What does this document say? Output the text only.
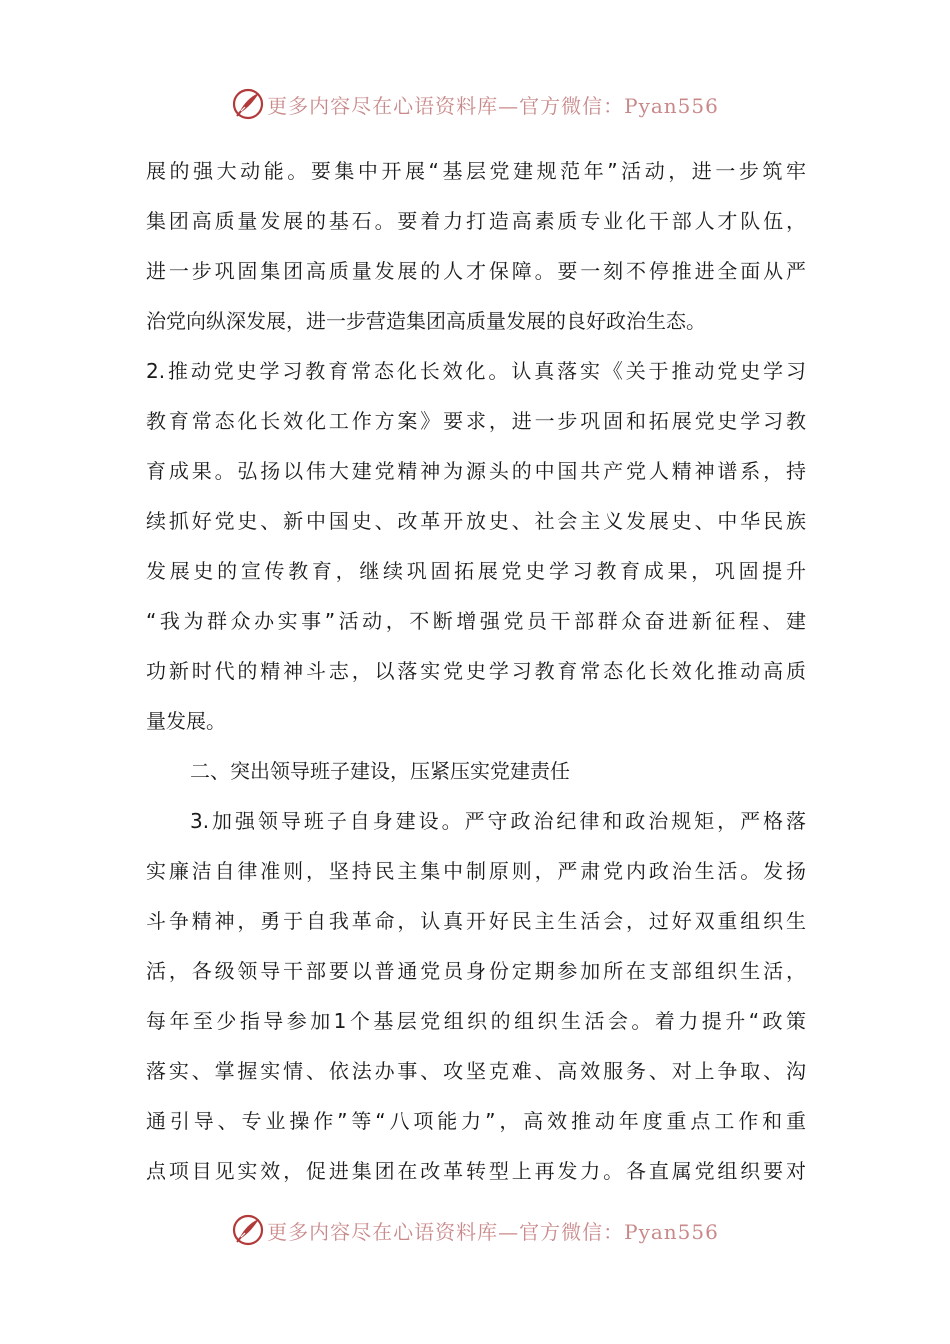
更多内容尽在心语资料库—官方微信：Pyan556
展的强大动能。要集中开展“基层党建规范年”活动，进一步筑牢
集团高质量发展的基石。要着力打造高素质专业化干部人才队伍，
进一步巩固集团高质量发展的人才保障。要一刻不停推进全面从严
治党向纵深发展，进一步营造集团高质量发展的良好政治生态。
2.推动党史学习教育常态化长效化。认真落实《关于推动党史学习
教育常态化长效化工作方案》要求，进一步巩固和拓展党史学习教
育成果。弘扬以伟大建党精神为源头的中国共产党人精神谱系，持
续抓好党史、新中国史、改革开放史、社会主义发展史、中华民族
发展史的宣传教育，继续巩固拓展党史学习教育成果，巩固提升
“我为群众办实事”活动，不断增强党员干部群众奋进新征程、建
功新时代的精神斗志，以落实党史学习教育常态化长效化推动高质
量发展。
二、突出领导班子建设，压紧压实党建责任
3.加强领导班子自身建设。严守政治纪律和政治规矩，严格落
实廉洁自律准则，坚持民主集中制原则，严肃党内政治生活。发扬
斗争精神，勇于自我革命，认真开好民主生活会，过好双重组织生
活，各级领导干部要以普通党员身份定期参加所在支部组织生活，
每年至少指导参加1个基层党组织的组织生活会。着力提升“政策
落实、掌握实情、依法办事、攻坚克难、高效服务、对上争取、沟
通引导、专业操作”等“八项能力”，高效推动年度重点工作和重
点项目见实效，促进集团在改革转型上再发力。各直属党组织要对
更多内容尽在心语资料库—官方微信：Pyan556
